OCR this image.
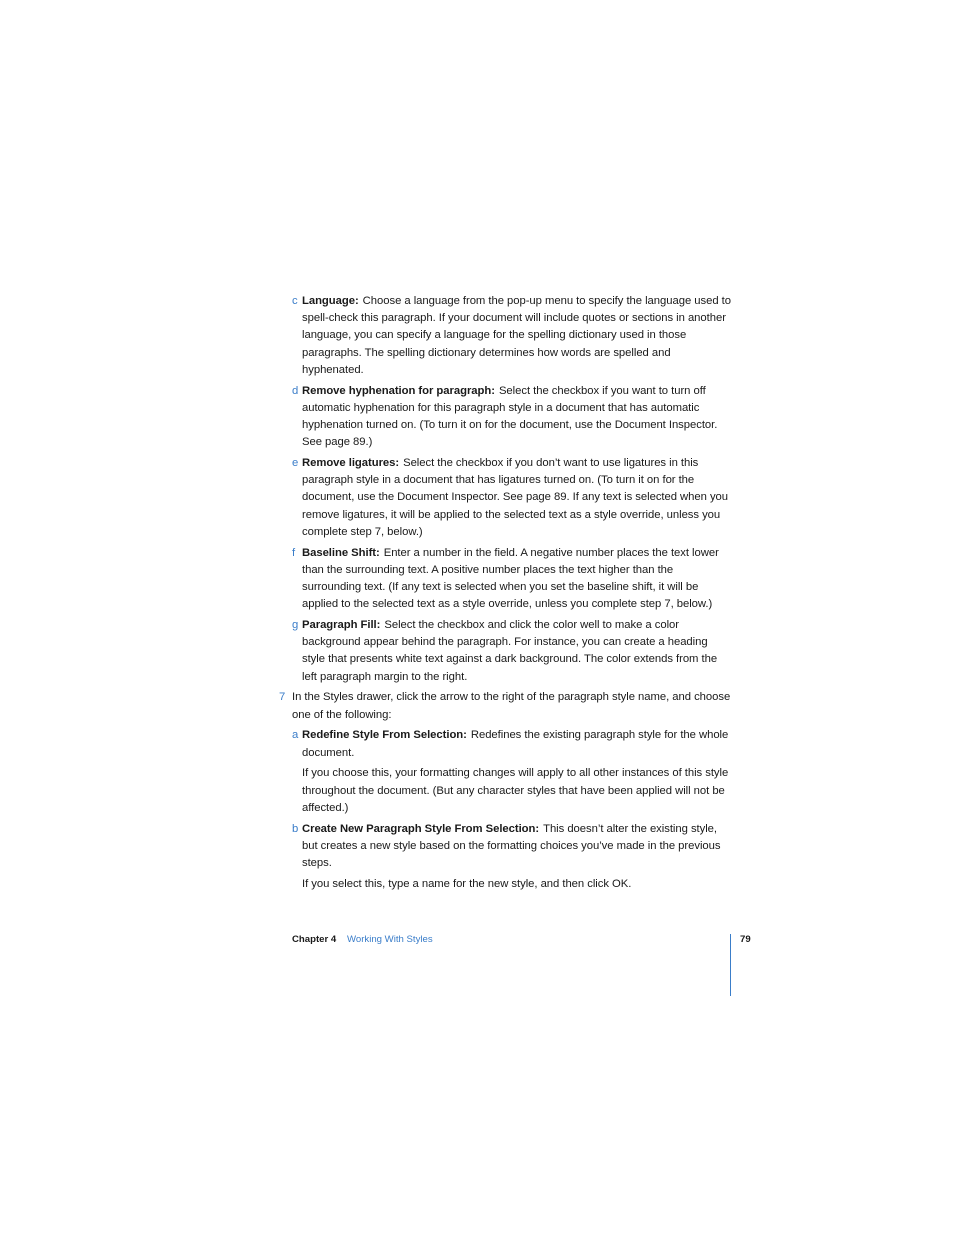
c Language: Choose a language from the pop-up menu to specify the language used to spell-check this paragraph. If your document will include quotes or sections in another language, you can specify a language for the spelling dictionary used in those paragraphs. The spelling dictionary determines how words are spelled and hyphenated.
d Remove hyphenation for paragraph: Select the checkbox if you want to turn off automatic hyphenation for this paragraph style in a document that has automatic hyphenation turned on. (To turn it on for the document, use the Document Inspector. See page 89.)
e Remove ligatures: Select the checkbox if you don’t want to use ligatures in this paragraph style in a document that has ligatures turned on. (To turn it on for the document, use the Document Inspector. See page 89. If any text is selected when you remove ligatures, it will be applied to the selected text as a style override, unless you complete step 7, below.)
f Baseline Shift: Enter a number in the field. A negative number places the text lower than the surrounding text. A positive number places the text higher than the surrounding text. (If any text is selected when you set the baseline shift, it will be applied to the selected text as a style override, unless you complete step 7, below.)
g Paragraph Fill: Select the checkbox and click the color well to make a color background appear behind the paragraph. For instance, you can create a heading style that presents white text against a dark background. The color extends from the left paragraph margin to the right.
7 In the Styles drawer, click the arrow to the right of the paragraph style name, and choose one of the following:
a Redefine Style From Selection: Redefines the existing paragraph style for the whole document.
If you choose this, your formatting changes will apply to all other instances of this style throughout the document. (But any character styles that have been applied will not be affected.)
b Create New Paragraph Style From Selection: This doesn’t alter the existing style, but creates a new style based on the formatting choices you’ve made in the previous steps.
If you select this, type a name for the new style, and then click OK.
Chapter 4 Working With Styles	79
